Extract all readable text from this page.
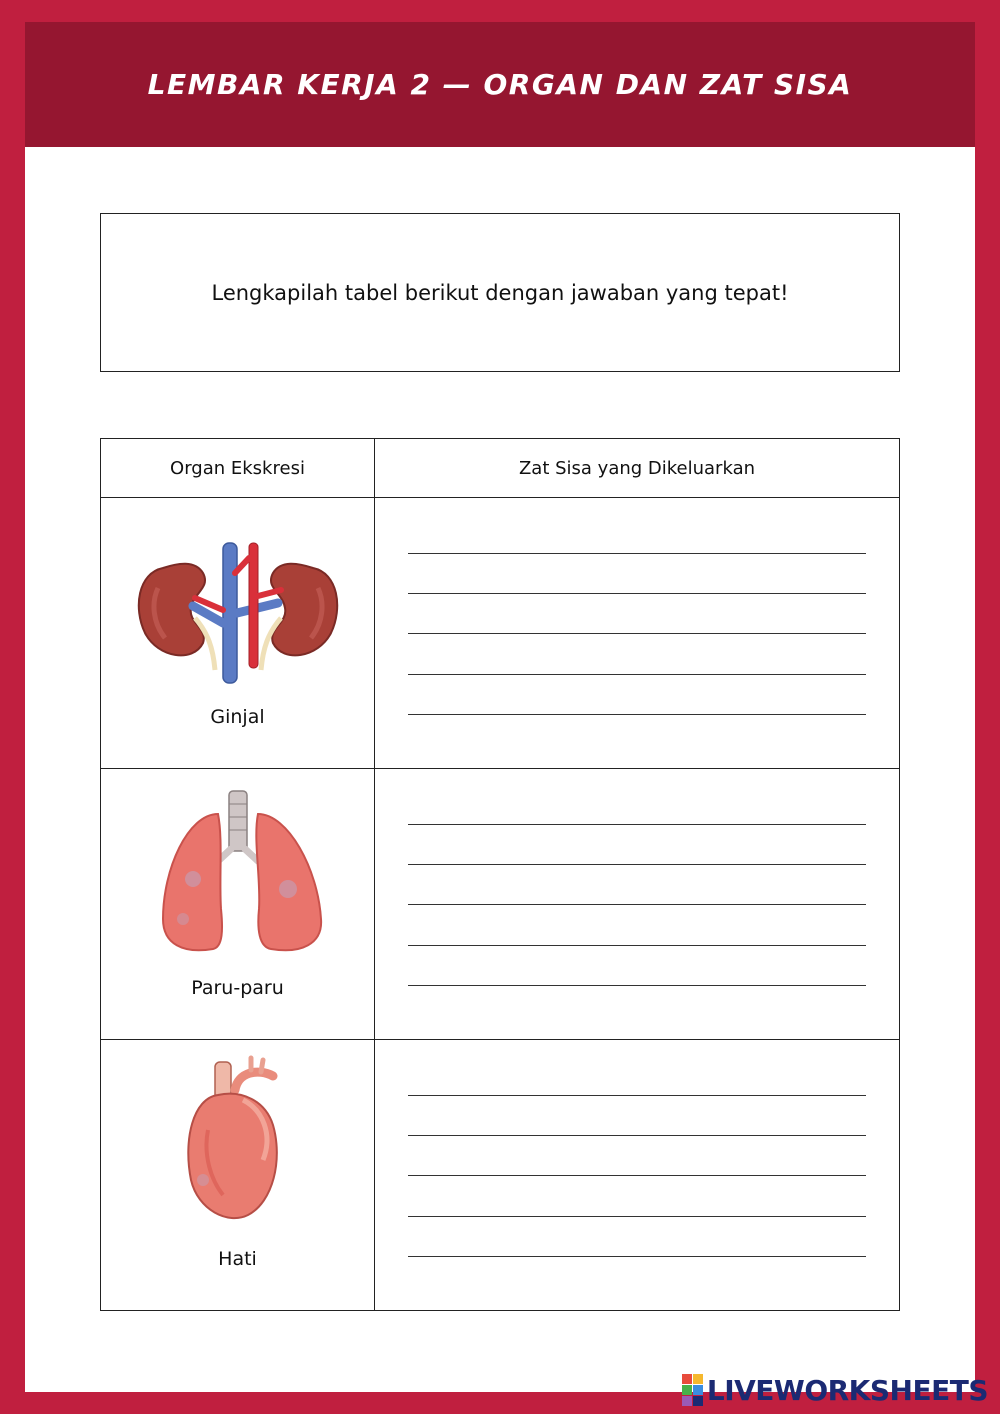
LEMBAR KERJA 2 — ORGAN DAN ZAT SISA
Lengkapilah tabel berikut dengan jawaban yang tepat!
Organ Ekskresi	Zat Sisa yang Dikeluarkan

Ginjal	

Paru-paru	

Hati	

LIVEWORKSHEETS
